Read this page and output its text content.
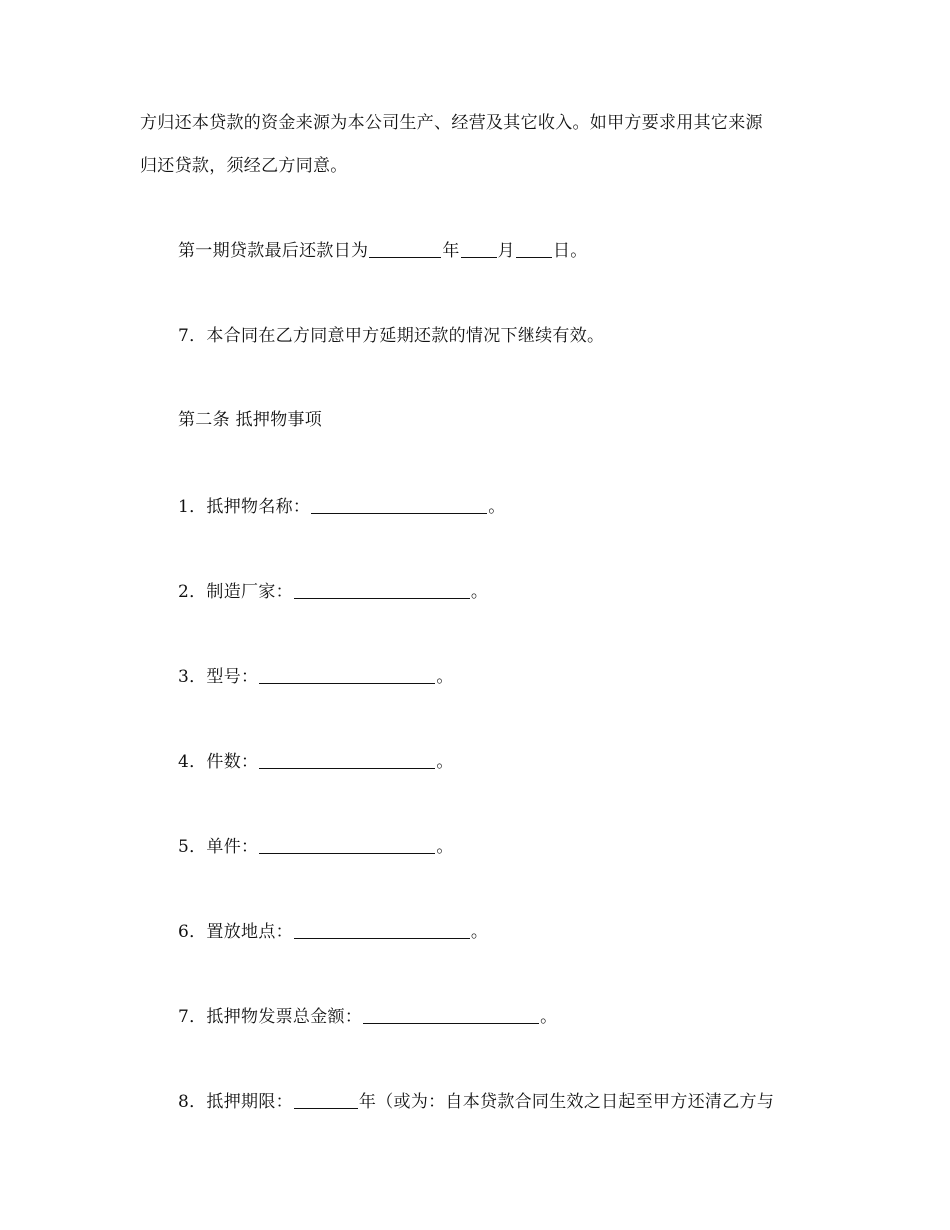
方归还本贷款的资金来源为本公司生产、经营及其它收入。如甲方要求用其它来源
归还贷款，须经乙方同意。
第一期贷款最后还款日为	年 月 日。
7．本合同在乙方同意甲方延期还款的情况下继续有效。
第二条 抵押物事项
1．抵押物名称：	。
2．制造厂家：	。
3．型号：	。
4．件数：	。
5．单件：	。
6．置放地点：	。
7．抵押物发票总金额：	。
8．抵押期限：	年（或为：自本贷款合同生效之日起至甲方还清乙方与
